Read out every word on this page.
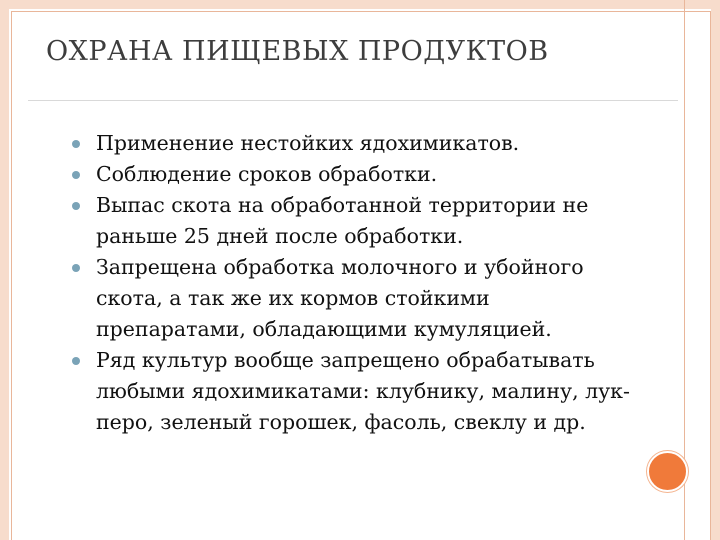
ОХРАНА ПИЩЕВЫХ ПРОДУКТОВ
Применение нестойких ядохимикатов.
Соблюдение сроков обработки.
Выпас скота на обработанной территории не раньше 25 дней после обработки.
Запрещена обработка молочного и убойного скота, а так же их кормов стойкими препаратами, обладающими кумуляцией.
Ряд культур вообще запрещено обрабатывать любыми ядохимикатами: клубнику, малину, лук-перо, зеленый горошек, фасоль, свеклу и др.
